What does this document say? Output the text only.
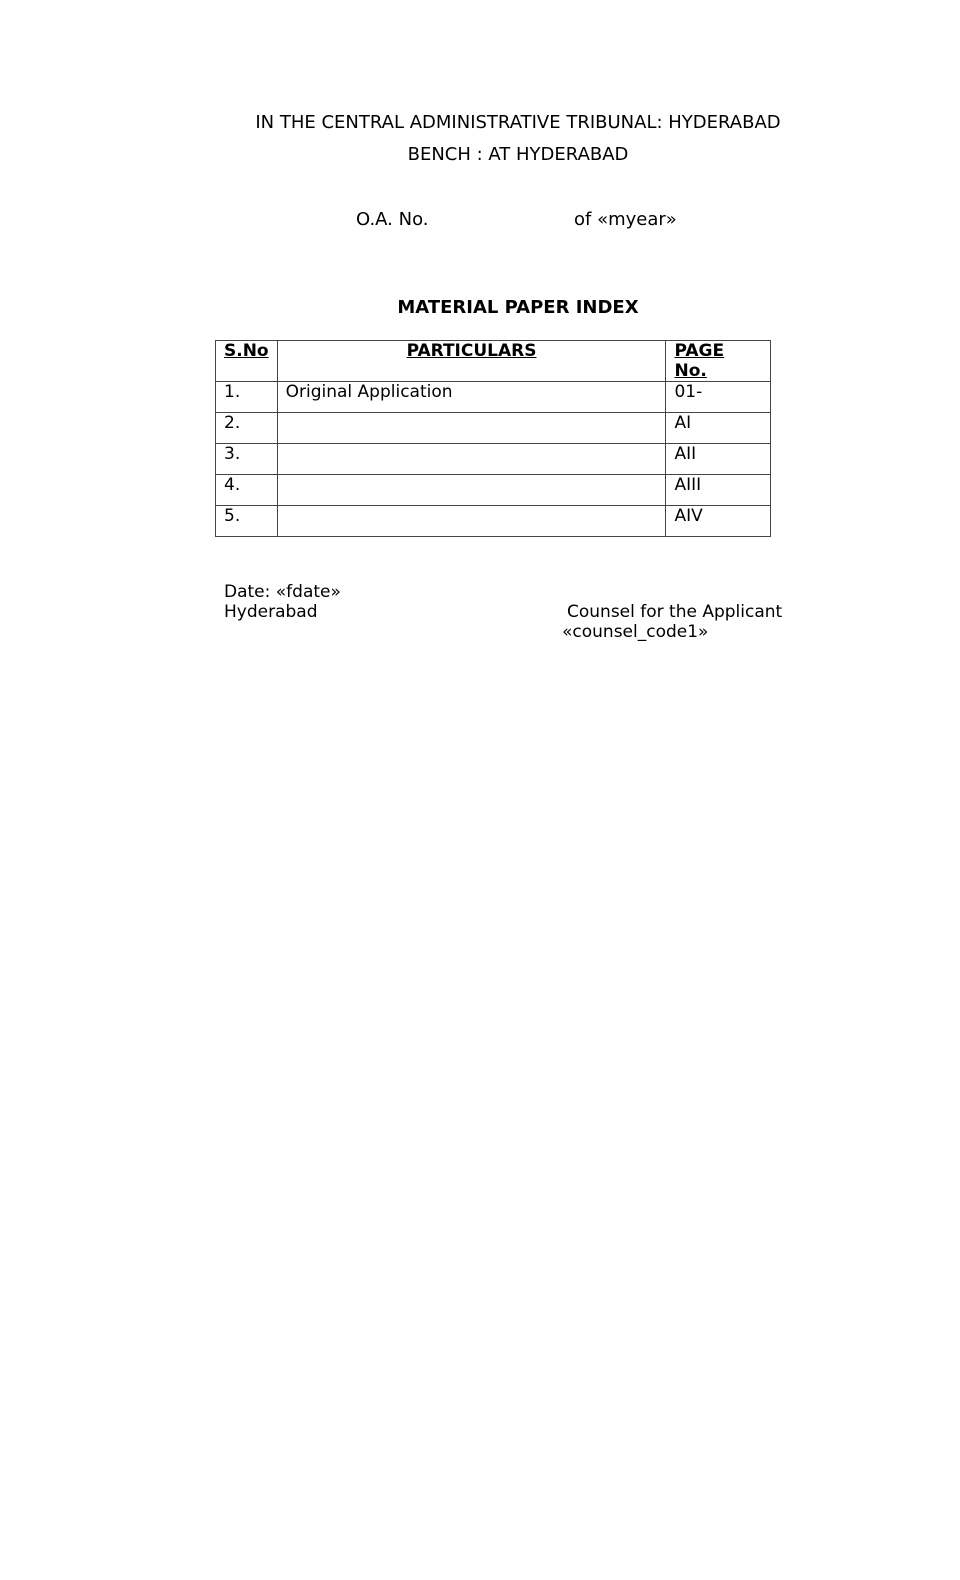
IN THE CENTRAL ADMINISTRATIVE TRIBUNAL: HYDERABAD
BENCH : AT HYDERABAD
O.A. No.	of «myear»
MATERIAL PAPER INDEX
S.No	PARTICULARS	PAGE No.
1.	Original Application	01-
2.		AI
3.		AII
4.		AIII
5.		AIV
Date: «fdate»
Hyderabad	Counsel for the Applicant
«counsel_code1»
